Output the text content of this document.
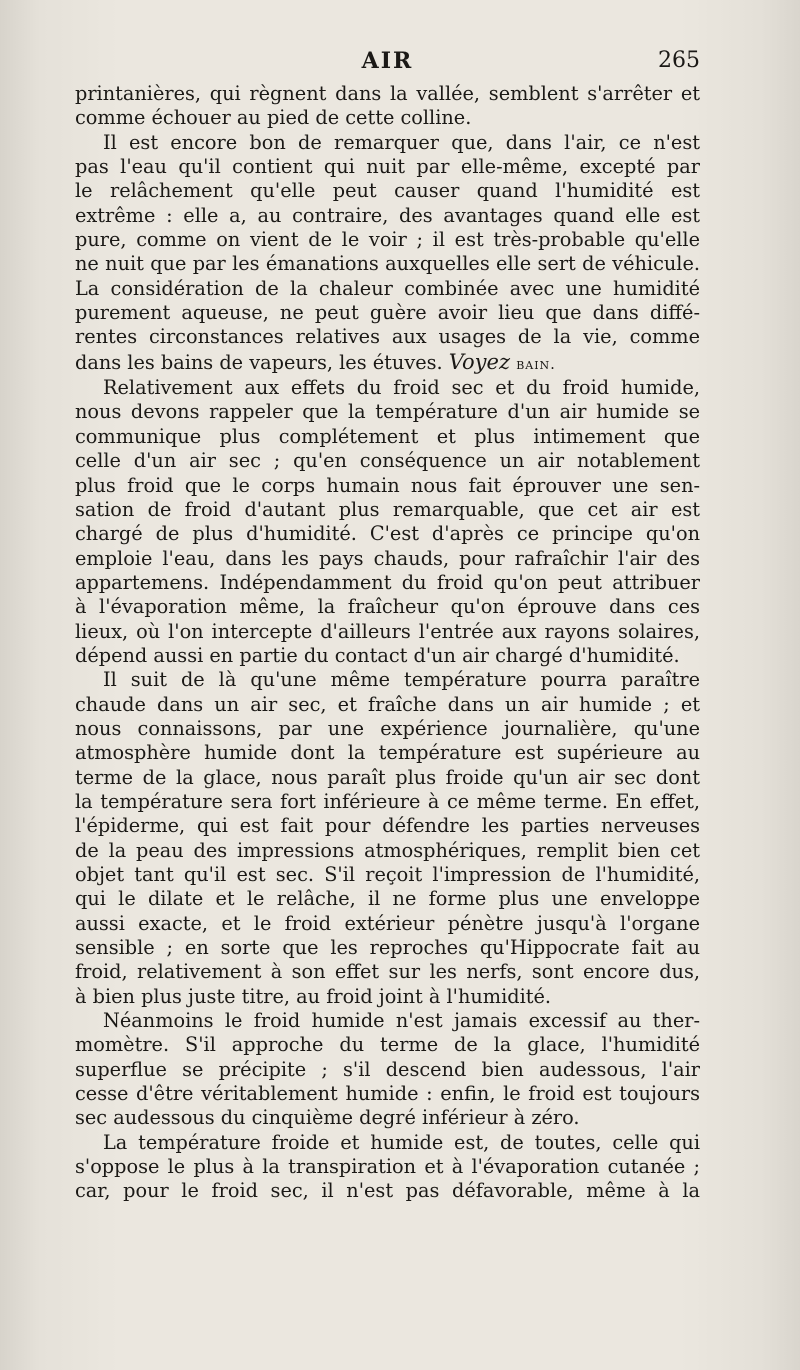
AIR	265
printanières, qui règnent dans la vallée, semblent s'arrêter et
comme échouer au pied de cette colline.
Il est encore bon de remarquer que, dans l'air, ce n'est
pas l'eau qu'il contient qui nuit par elle-même, excepté par
le relâchement qu'elle peut causer quand l'humidité est
extrême : elle a, au contraire, des avantages quand elle est
pure, comme on vient de le voir ; il est très-probable qu'elle
ne nuit que par les émanations auxquelles elle sert de véhicule.
La considération de la chaleur combinée avec une humidité
purement aqueuse, ne peut guère avoir lieu que dans diffé-
rentes circonstances relatives aux usages de la vie, comme
dans les bains de vapeurs, les étuves. Voyez bain.
Relativement aux effets du froid sec et du froid humide,
nous devons rappeler que la température d'un air humide se
communique plus complétement et plus intimement que
celle d'un air sec ; qu'en conséquence un air notablement
plus froid que le corps humain nous fait éprouver une sen-
sation de froid d'autant plus remarquable, que cet air est
chargé de plus d'humidité. C'est d'après ce principe qu'on
emploie l'eau, dans les pays chauds, pour rafraîchir l'air des
appartemens. Indépendamment du froid qu'on peut attribuer
à l'évaporation même, la fraîcheur qu'on éprouve dans ces
lieux, où l'on intercepte d'ailleurs l'entrée aux rayons solaires,
dépend aussi en partie du contact d'un air chargé d'humidité.
Il suit de là qu'une même température pourra paraître
chaude dans un air sec, et fraîche dans un air humide ; et
nous connaissons, par une expérience journalière, qu'une
atmosphère humide dont la température est supérieure au
terme de la glace, nous paraît plus froide qu'un air sec dont
la température sera fort inférieure à ce même terme. En effet,
l'épiderme, qui est fait pour défendre les parties nerveuses
de la peau des impressions atmosphériques, remplit bien cet
objet tant qu'il est sec. S'il reçoit l'impression de l'humidité,
qui le dilate et le relâche, il ne forme plus une enveloppe
aussi exacte, et le froid extérieur pénètre jusqu'à l'organe
sensible ; en sorte que les reproches qu'Hippocrate fait au
froid, relativement à son effet sur les nerfs, sont encore dus,
à bien plus juste titre, au froid joint à l'humidité.
Néanmoins le froid humide n'est jamais excessif au ther-
momètre. S'il approche du terme de la glace, l'humidité
superflue se précipite ; s'il descend bien audessous, l'air
cesse d'être véritablement humide : enfin, le froid est toujours
sec audessous du cinquième degré inférieur à zéro.
La température froide et humide est, de toutes, celle qui
s'oppose le plus à la transpiration et à l'évaporation cutanée ;
car, pour le froid sec, il n'est pas défavorable, même à la
